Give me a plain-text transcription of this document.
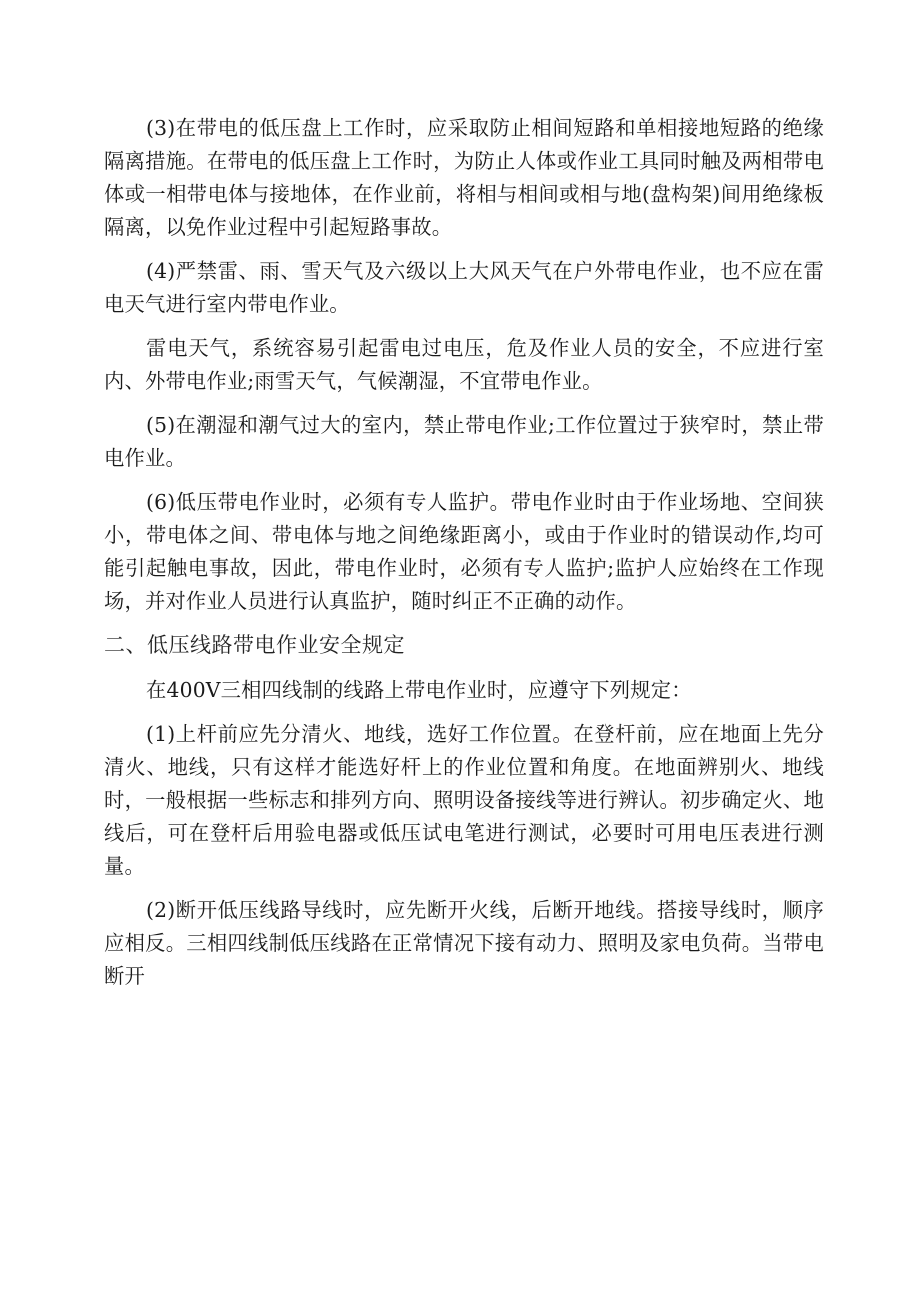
(3)在带电的低压盘上工作时，应采取防止相间短路和单相接地短路的绝缘隔离措施。在带电的低压盘上工作时，为防止人体或作业工具同时触及两相带电体或一相带电体与接地体，在作业前，将相与相间或相与地(盘构架)间用绝缘板隔离，以免作业过程中引起短路事故。

(4)严禁雷、雨、雪天气及六级以上大风天气在户外带电作业，也不应在雷电天气进行室内带电作业。

雷电天气，系统容易引起雷电过电压，危及作业人员的安全，不应进行室内、外带电作业;雨雪天气，气候潮湿，不宜带电作业。

(5)在潮湿和潮气过大的室内，禁止带电作业;工作位置过于狭窄时，禁止带电作业。

(6)低压带电作业时，必须有专人监护。带电作业时由于作业场地、空间狭小，带电体之间、带电体与地之间绝缘距离小，或由于作业时的错误动作,均可能引起触电事故，因此，带电作业时，必须有专人监护;监护人应始终在工作现场，并对作业人员进行认真监护，随时纠正不正确的动作。

二、低压线路带电作业安全规定

在400V三相四线制的线路上带电作业时，应遵守下列规定：

(1)上杆前应先分清火、地线，选好工作位置。在登杆前，应在地面上先分清火、地线，只有这样才能选好杆上的作业位置和角度。在地面辨别火、地线时，一般根据一些标志和排列方向、照明设备接线等进行辨认。初步确定火、地线后，可在登杆后用验电器或低压试电笔进行测试，必要时可用电压表进行测量。

(2)断开低压线路导线时，应先断开火线，后断开地线。搭接导线时，顺序应相反。三相四线制低压线路在正常情况下接有动力、照明及家电负荷。当带电断开
